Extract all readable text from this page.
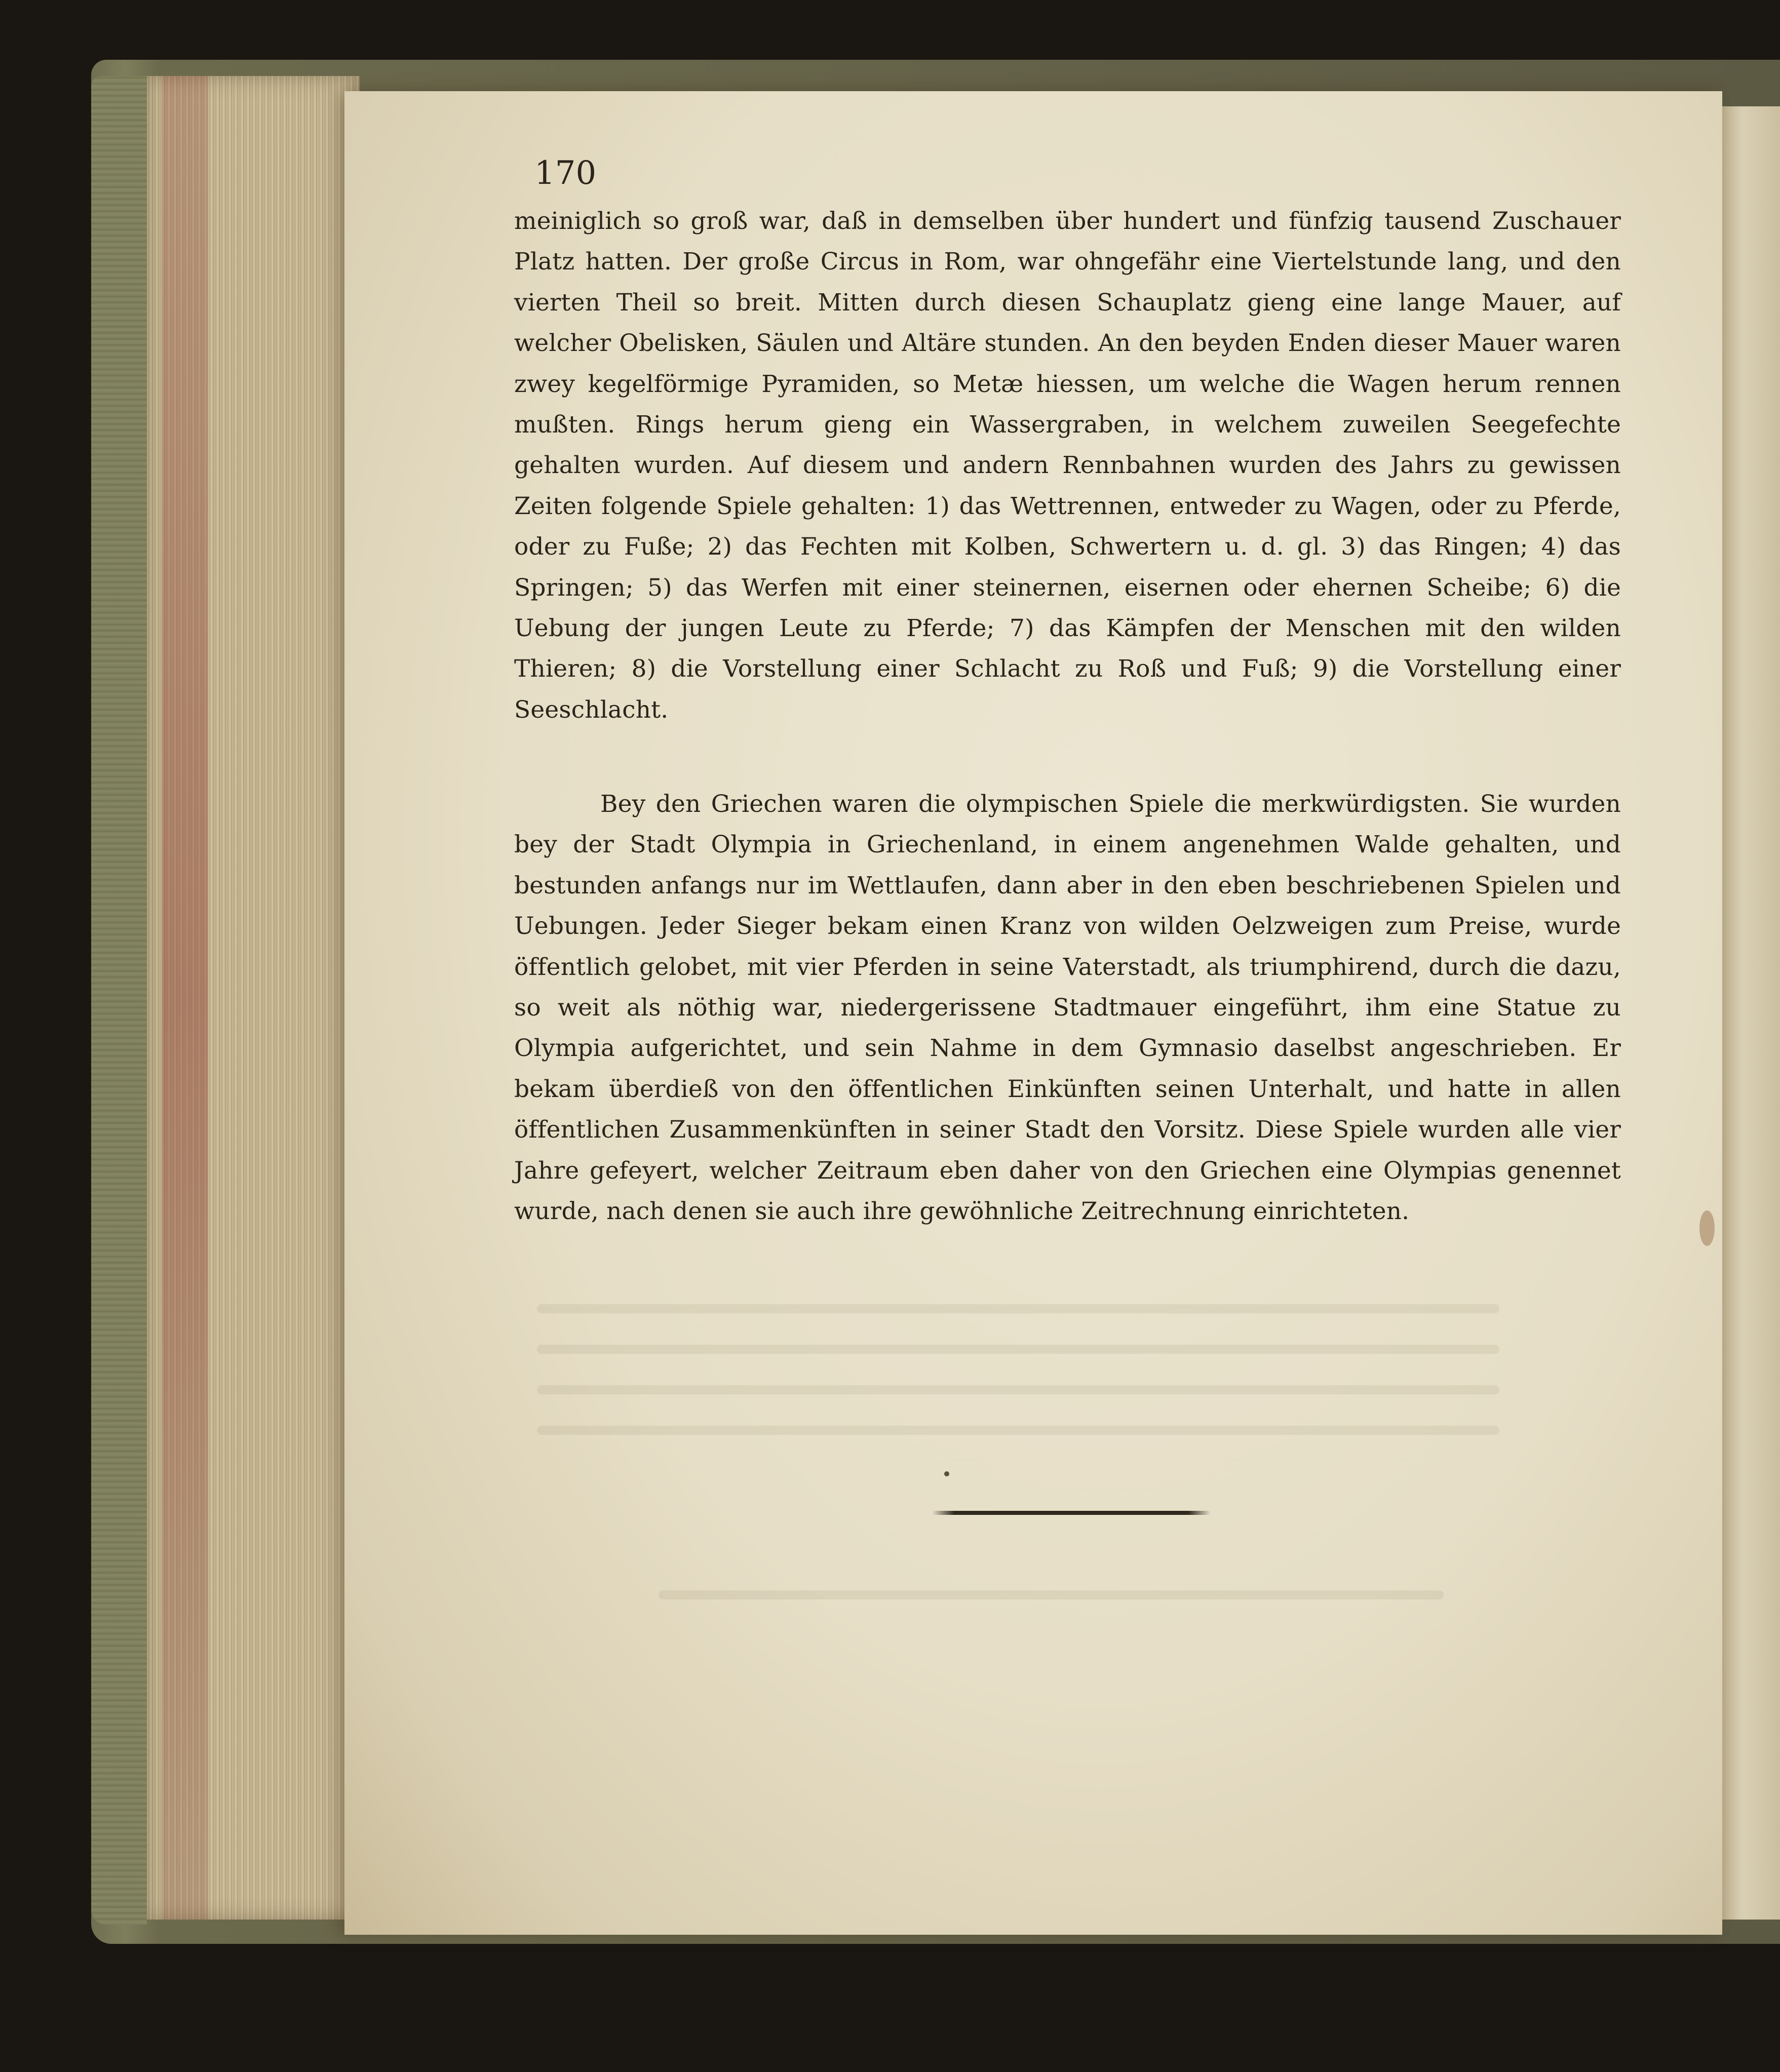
170

meiniglich so groß war, daß in demselben über hundert und fünfzig tausend Zuschauer Platz hatten. Der große Circus in Rom, war ohngefähr eine Viertelstunde lang, und den vierten Theil so breit. Mitten durch diesen Schauplatz gieng eine lange Mauer, auf welcher Obelisken, Säulen und Altäre stunden. An den beyden Enden dieser Mauer waren zwey kegelförmige Pyramiden, so Metæ hiessen, um welche die Wagen herum rennen mußten. Rings herum gieng ein Wassergraben, in welchem zuweilen Seegefechte gehalten wurden. Auf diesem und andern Rennbahnen wurden des Jahrs zu gewissen Zeiten folgende Spiele gehalten: 1) das Wettrennen, entweder zu Wagen, oder zu Pferde, oder zu Fuße; 2) das Fechten mit Kolben, Schwertern u. d. gl. 3) das Ringen; 4) das Springen; 5) das Werfen mit einer steinernen, eisernen oder ehernen Scheibe; 6) die Uebung der jungen Leute zu Pferde; 7) das Kämpfen der Menschen mit den wilden Thieren; 8) die Vorstellung einer Schlacht zu Roß und Fuß; 9) die Vorstellung einer Seeschlacht.

Bey den Griechen waren die olympischen Spiele die merkwürdigsten. Sie wurden bey der Stadt Olympia in Griechenland, in einem angenehmen Walde gehalten, und bestunden anfangs nur im Wettlaufen, dann aber in den eben beschriebenen Spielen und Uebungen. Jeder Sieger bekam einen Kranz von wilden Oelzweigen zum Preise, wurde öffentlich gelobet, mit vier Pferden in seine Vaterstadt, als triumphirend, durch die dazu, so weit als nöthig war, niedergerissene Stadtmauer eingeführt, ihm eine Statue zu Olympia aufgerichtet, und sein Nahme in dem Gymnasio daselbst angeschrieben. Er bekam überdieß von den öffentlichen Einkünften seinen Unterhalt, und hatte in allen öffentlichen Zusammenkünften in seiner Stadt den Vorsitz. Diese Spiele wurden alle vier Jahre gefeyert, welcher Zeitraum eben daher von den Griechen eine Olympias genennet wurde, nach denen sie auch ihre gewöhnliche Zeitrechnung einrichteten.
